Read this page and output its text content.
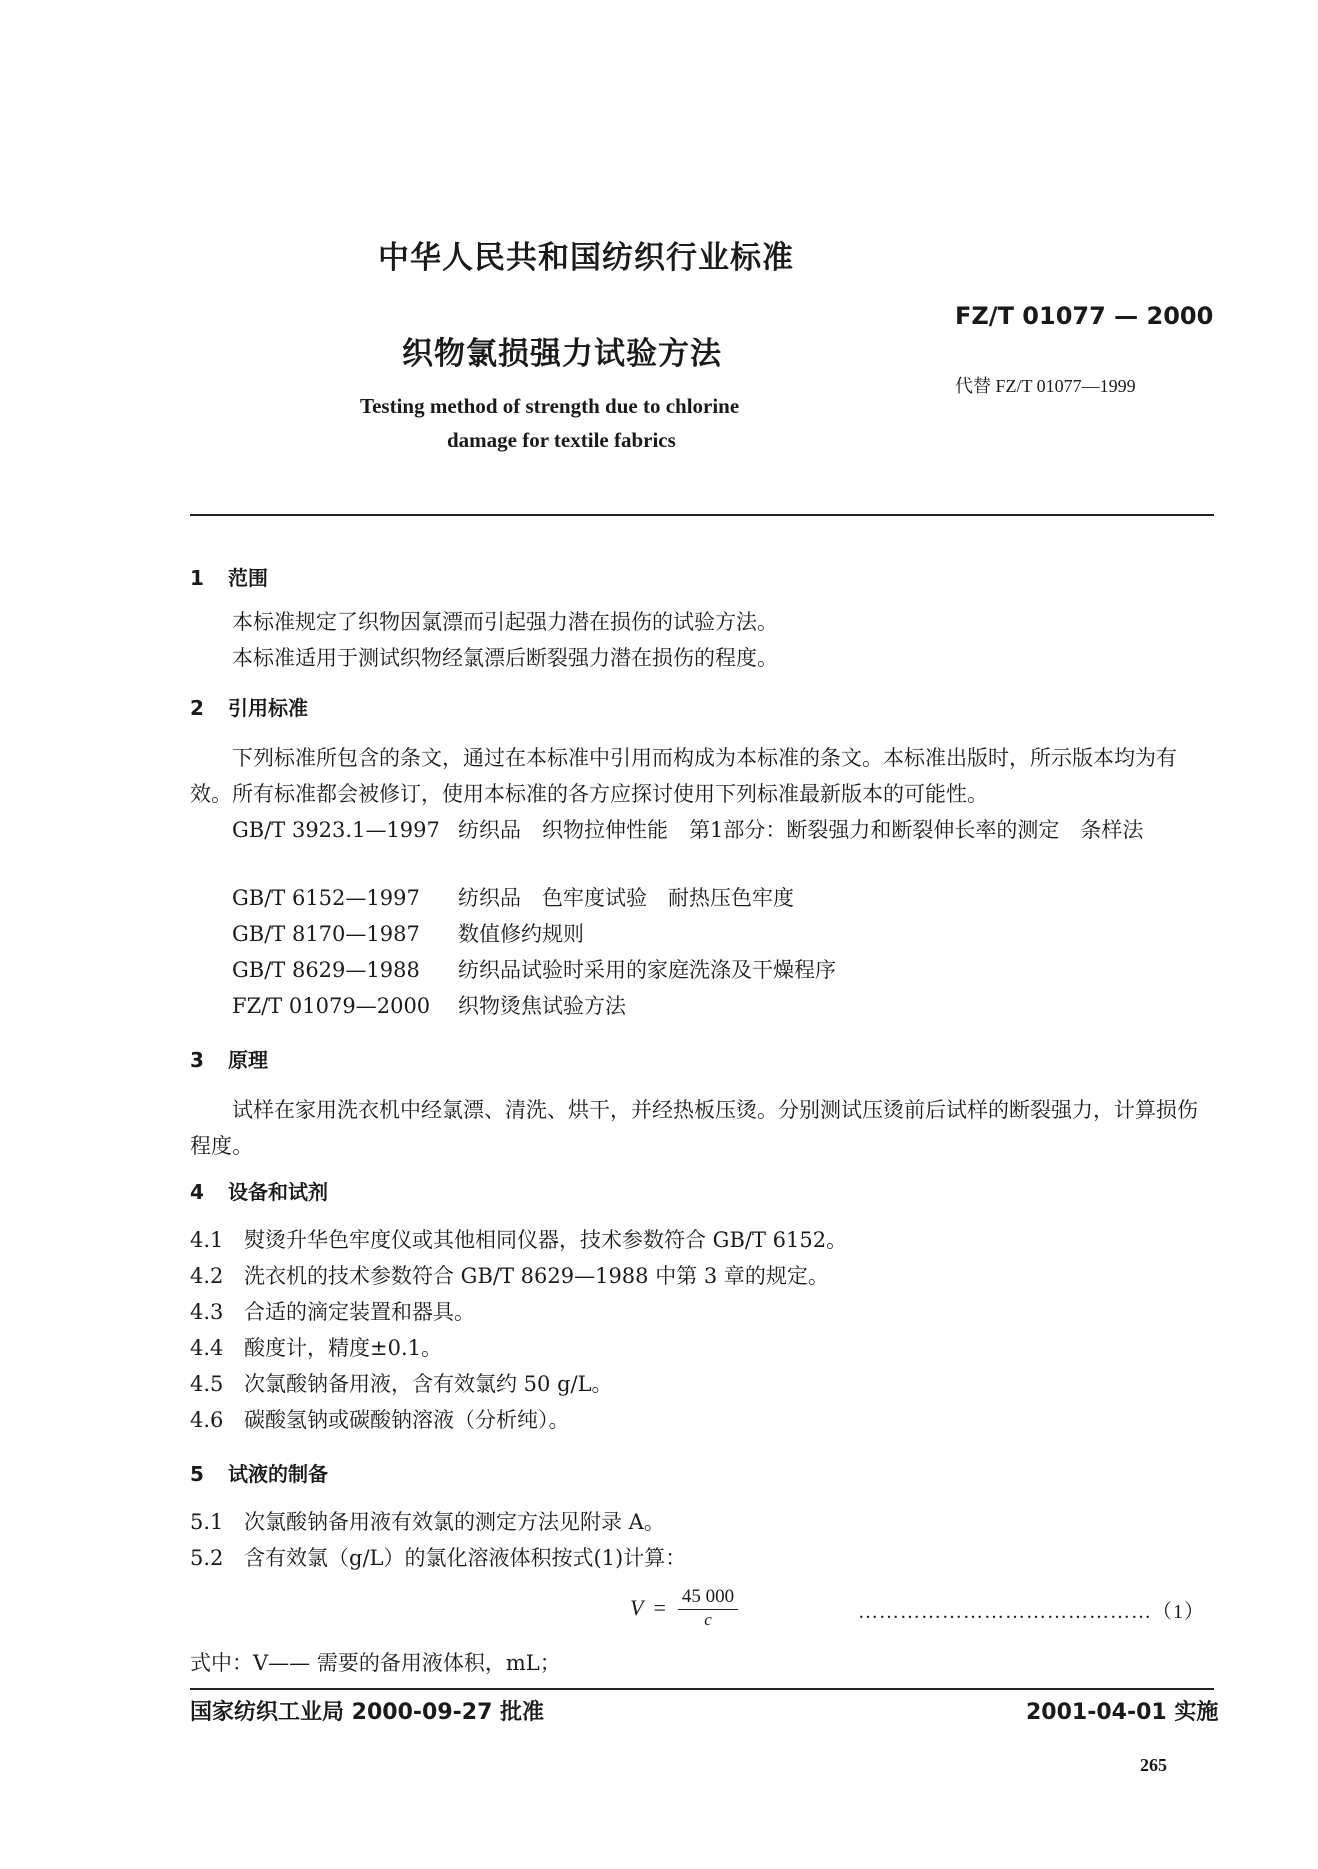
中华人民共和国纺织行业标准
FZ/T 01077 — 2000
织物氯损强力试验方法
代替 FZ/T 01077—1999
Testing method of strength due to chlorine
damage for textile fabrics
1 范围
本标准规定了织物因氯漂而引起强力潜在损伤的试验方法。
本标准适用于测试织物经氯漂后断裂强力潜在损伤的程度。
2 引用标准
下列标准所包含的条文，通过在本标准中引用而构成为本标准的条文。本标准出版时，所示版本均为有效。所有标准都会被修订，使用本标准的各方应探讨使用下列标准最新版本的可能性。
GB/T 3923.1—1997 纺织品　织物拉伸性能　第1部分：断裂强力和断裂伸长率的测定　条样法
GB/T 6152—1997 纺织品　色牢度试验　耐热压色牢度
GB/T 8170—1987 数值修约规则
GB/T 8629—1988 纺织品试验时采用的家庭洗涤及干燥程序
FZ/T 01079—2000 织物烫焦试验方法
3 原理
试样在家用洗衣机中经氯漂、清洗、烘干，并经热板压烫。分别测试压烫前后试样的断裂强力，计算损伤程度。
4 设备和试剂
4.1 熨烫升华色牢度仪或其他相同仪器，技术参数符合 GB/T 6152。
4.2 洗衣机的技术参数符合 GB/T 8629—1988 中第 3 章的规定。
4.3 合适的滴定装置和器具。
4.4 酸度计，精度±0.1。
4.5 次氯酸钠备用液，含有效氯约 50 g/L。
4.6 碳酸氢钠或碳酸钠溶液（分析纯）。
5 试液的制备
5.1 次氯酸钠备用液有效氯的测定方法见附录 A。
5.2 含有效氯（g/L）的氯化溶液体积按式(1)计算：
$V = \frac{45 000}{c}$	……………………………………（1）
式中：V—— 需要的备用液体积，mL；
国家纺织工业局 2000-09-27 批准	2001-04-01 实施
265
